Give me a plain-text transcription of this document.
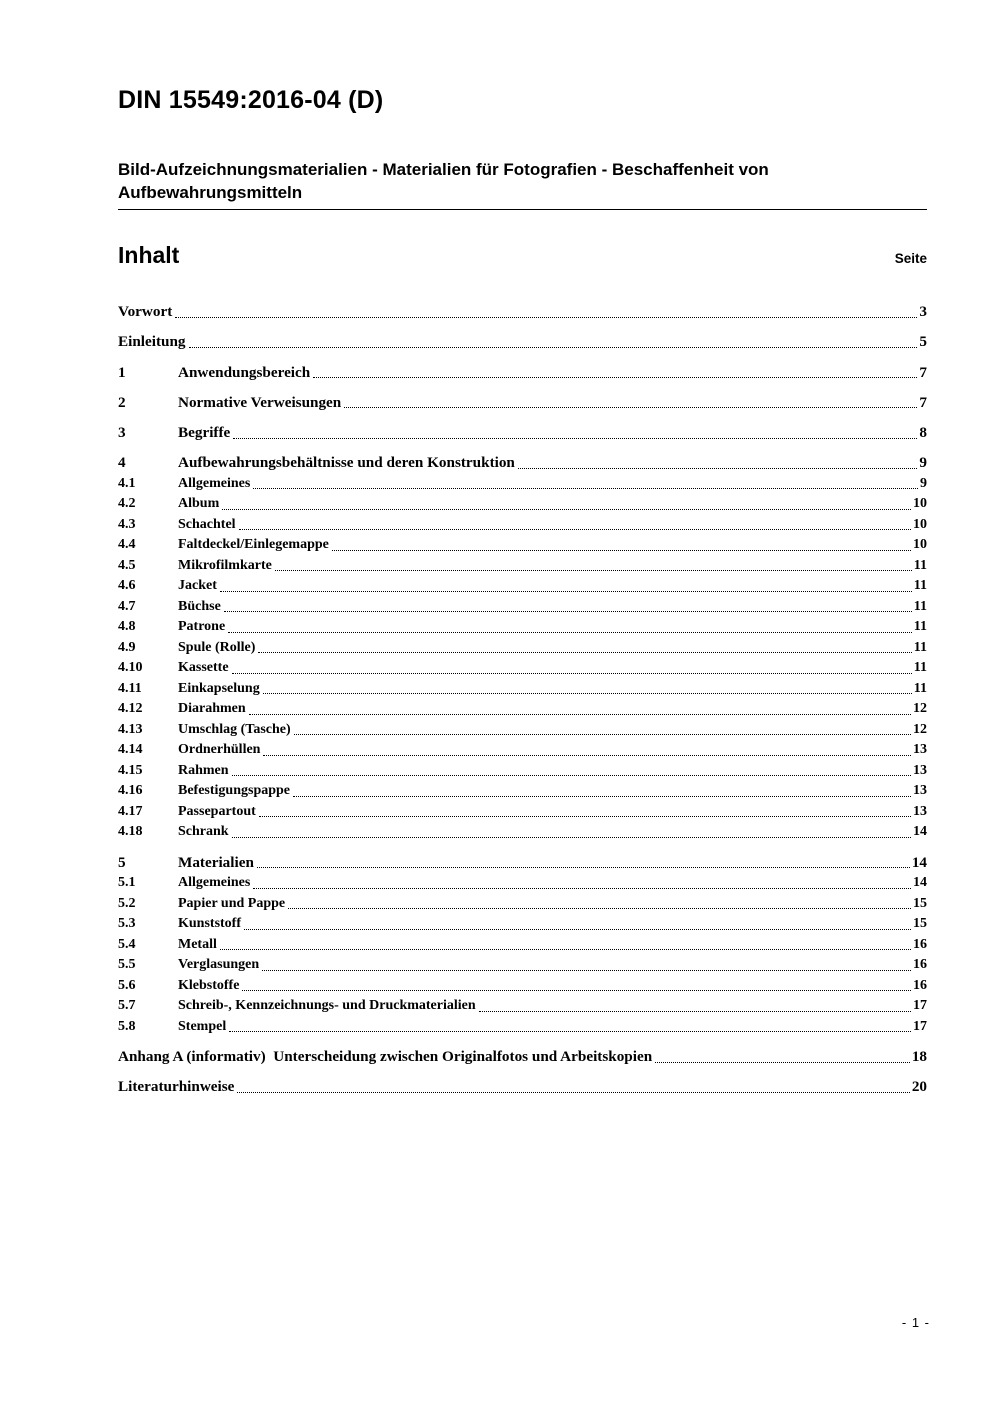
DIN 15549:2016-04 (D)
Bild-Aufzeichnungsmaterialien - Materialien für Fotografien - Beschaffenheit von Aufbewahrungsmitteln
Inhalt	Seite
Vorwort	3
Einleitung	5
1	Anwendungsbereich	7
2	Normative Verweisungen	7
3	Begriffe	8
4	Aufbewahrungsbehältnisse und deren Konstruktion	9
4.1	Allgemeines	9
4.2	Album	10
4.3	Schachtel	10
4.4	Faltdeckel/Einlegemappe	10
4.5	Mikrofilmkarte	11
4.6	Jacket	11
4.7	Büchse	11
4.8	Patrone	11
4.9	Spule (Rolle)	11
4.10	Kassette	11
4.11	Einkapselung	11
4.12	Diarahmen	12
4.13	Umschlag (Tasche)	12
4.14	Ordnerhüllen	13
4.15	Rahmen	13
4.16	Befestigungspappe	13
4.17	Passepartout	13
4.18	Schrank	14
5	Materialien	14
5.1	Allgemeines	14
5.2	Papier und Pappe	15
5.3	Kunststoff	15
5.4	Metall	16
5.5	Verglasungen	16
5.6	Klebstoffe	16
5.7	Schreib-, Kennzeichnungs- und Druckmaterialien	17
5.8	Stempel	17
Anhang A (informativ)  Unterscheidung zwischen Originalfotos und Arbeitskopien	18
Literaturhinweise	20
- 1 -
